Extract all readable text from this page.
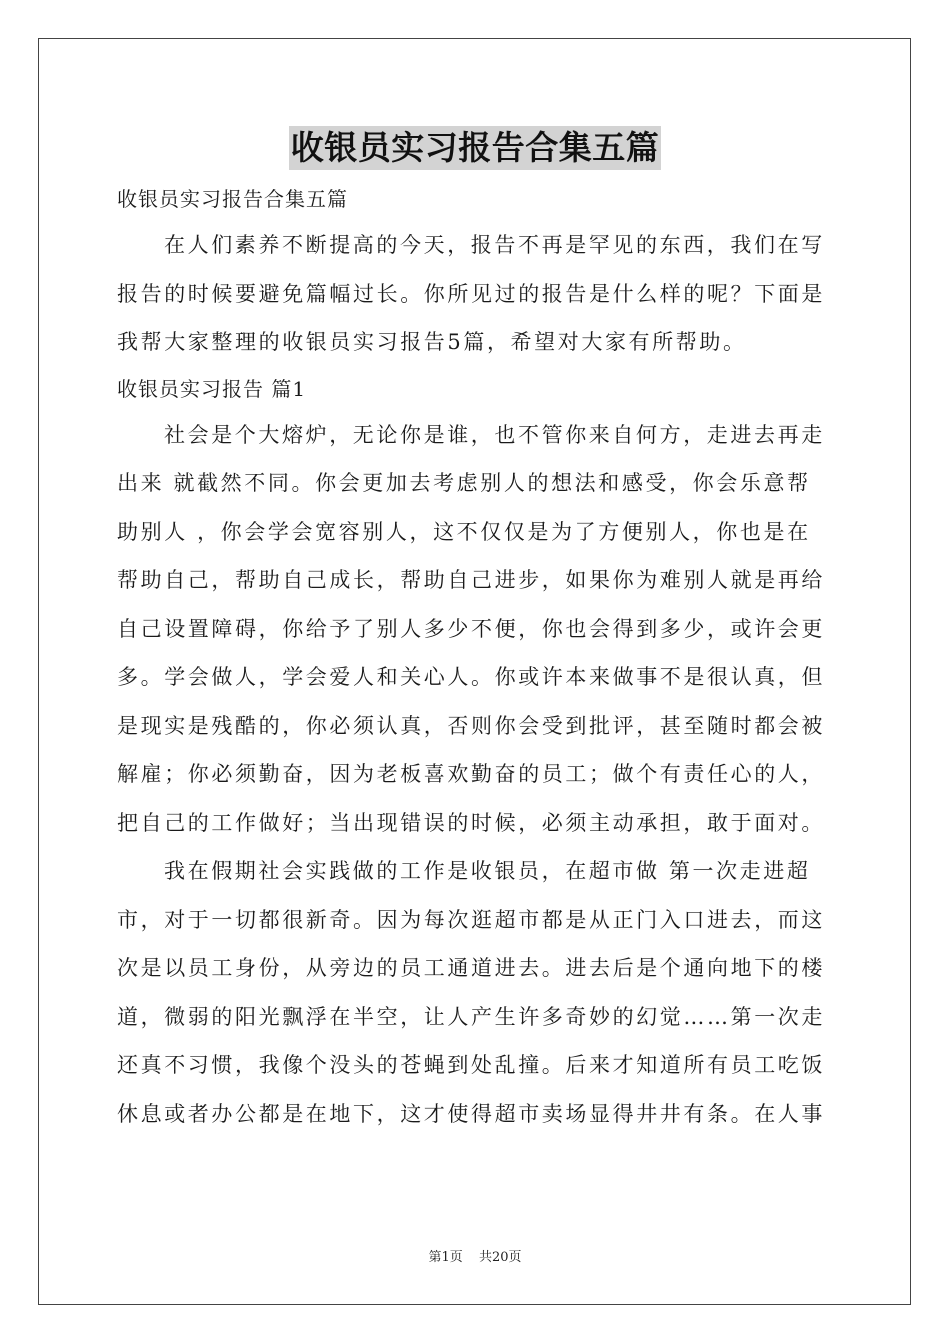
收银员实习报告合集五篇
收银员实习报告合集五篇
在人们素养不断提高的今天，报告不再是罕见的东西，我们在写
报告的时候要避免篇幅过长。你所见过的报告是什么样的呢？下面是
我帮大家整理的收银员实习报告5篇，希望对大家有所帮助。
收银员实习报告 篇1
社会是个大熔炉，无论你是谁，也不管你来自何方，走进去再走
出来 就截然不同。你会更加去考虑别人的想法和感受，你会乐意帮
助别人 ，你会学会宽容别人，这不仅仅是为了方便别人，你也是在
帮助自己，帮助自己成长，帮助自己进步，如果你为难别人就是再给
自己设置障碍，你给予了别人多少不便，你也会得到多少，或许会更
多。学会做人，学会爱人和关心人。你或许本来做事不是很认真，但
是现实是残酷的，你必须认真，否则你会受到批评，甚至随时都会被
解雇；你必须勤奋，因为老板喜欢勤奋的员工；做个有责任心的人，
把自己的工作做好；当出现错误的时候，必须主动承担，敢于面对。
我在假期社会实践做的工作是收银员，在超市做 第一次走进超
市，对于一切都很新奇。因为每次逛超市都是从正门入口进去，而这
次是以员工身份，从旁边的员工通道进去。进去后是个通向地下的楼
道，微弱的阳光飘浮在半空，让人产生许多奇妙的幻觉……第一次走
还真不习惯，我像个没头的苍蝇到处乱撞。后来才知道所有员工吃饭
休息或者办公都是在地下，这才使得超市卖场显得井井有条。在人事
第1页 共20页
